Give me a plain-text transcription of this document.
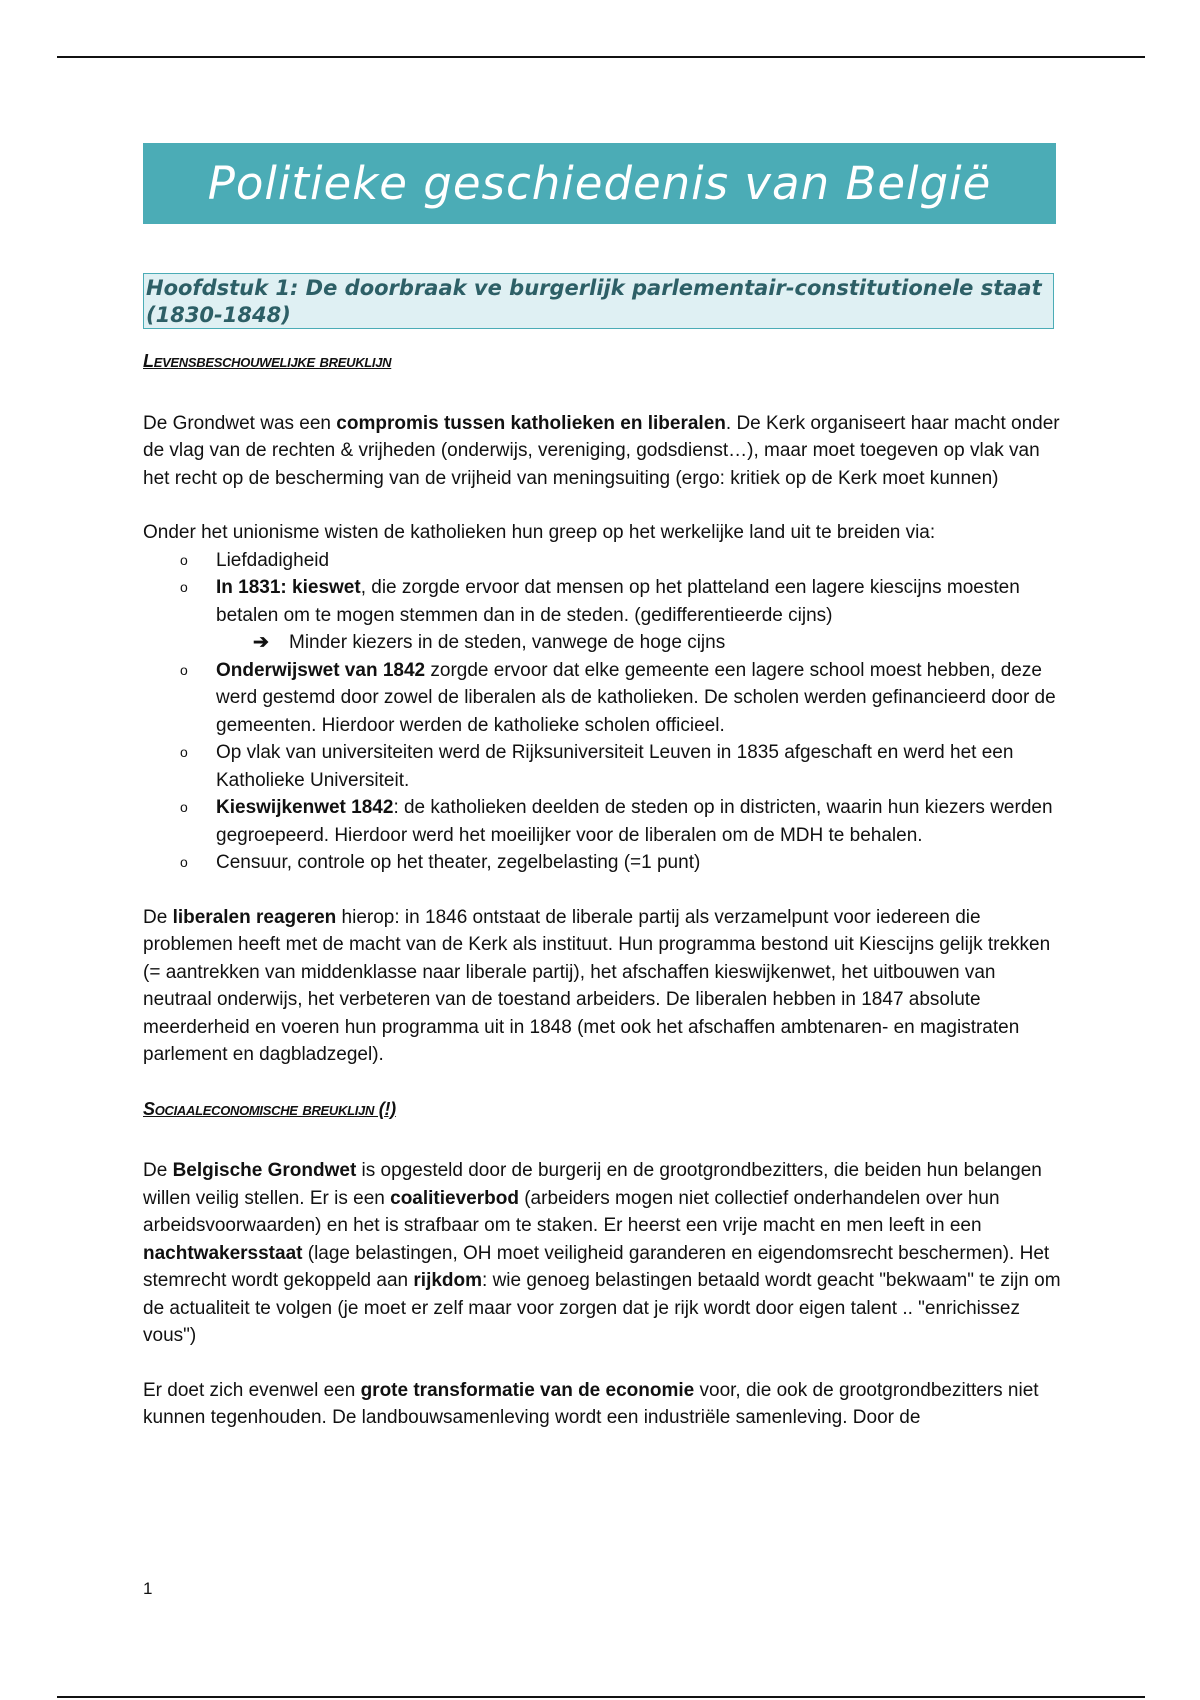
Politieke geschiedenis van België
Hoofdstuk 1: De doorbraak ve burgerlijk parlementair-constitutionele staat (1830-1848)

Levensbeschouwelijke breuklijn

De Grondwet was een compromis tussen katholieken en liberalen. De Kerk organiseert haar macht onder de vlag van de rechten & vrijheden (onderwijs, vereniging, godsdienst…), maar moet toegeven op vlak van het recht op de bescherming van de vrijheid van meningsuiting (ergo: kritiek op de Kerk moet kunnen)

Onder het unionisme wisten de katholieken hun greep op het werkelijke land uit te breiden via:

o Liefdadigheid
o In 1831: kieswet, die zorgde ervoor dat mensen op het platteland een lagere kiescijns moesten betalen om te mogen stemmen dan in de steden. (gedifferentieerde cijns)
➔ Minder kiezers in de steden, vanwege de hoge cijns
o Onderwijswet van 1842 zorgde ervoor dat elke gemeente een lagere school moest hebben, deze werd gestemd door zowel de liberalen als de katholieken. De scholen werden gefinancieerd door de gemeenten. Hierdoor werden de katholieke scholen officieel.
o Op vlak van universiteiten werd de Rijksuniversiteit Leuven in 1835 afgeschaft en werd het een Katholieke Universiteit.
o Kieswijkenwet 1842: de katholieken deelden de steden op in districten, waarin hun kiezers werden gegroepeerd. Hierdoor werd het moeilijker voor de liberalen om de MDH te behalen.
o Censuur, controle op het theater, zegelbelasting (=1 punt)

De liberalen reageren hierop: in 1846 ontstaat de liberale partij als verzamelpunt voor iedereen die problemen heeft met de macht van de Kerk als instituut. Hun programma bestond uit Kiescijns gelijk trekken (= aantrekken van middenklasse naar liberale partij), het afschaffen kieswijkenwet, het uitbouwen van neutraal onderwijs, het verbeteren van de toestand arbeiders. De liberalen hebben in 1847 absolute meerderheid en voeren hun programma uit in 1848 (met ook het afschaffen ambtenaren- en magistraten parlement en dagbladzegel).

Sociaaleconomische breuklijn (!)

De Belgische Grondwet is opgesteld door de burgerij en de grootgrondbezitters, die beiden hun belangen willen veilig stellen. Er is een coalitieverbod (arbeiders mogen niet collectief onderhandelen over hun arbeidsvoorwaarden) en het is strafbaar om te staken. Er heerst een vrije macht en men leeft in een nachtwakersstaat (lage belastingen, OH moet veiligheid garanderen en eigendomsrecht beschermen). Het stemrecht wordt gekoppeld aan rijkdom: wie genoeg belastingen betaald wordt geacht "bekwaam" te zijn om de actualiteit te volgen (je moet er zelf maar voor zorgen dat je rijk wordt door eigen talent .. "enrichissez vous")

Er doet zich evenwel een grote transformatie van de economie voor, die ook de grootgrondbezitters niet kunnen tegenhouden. De landbouwsamenleving wordt een industriële samenleving. Door de

1
